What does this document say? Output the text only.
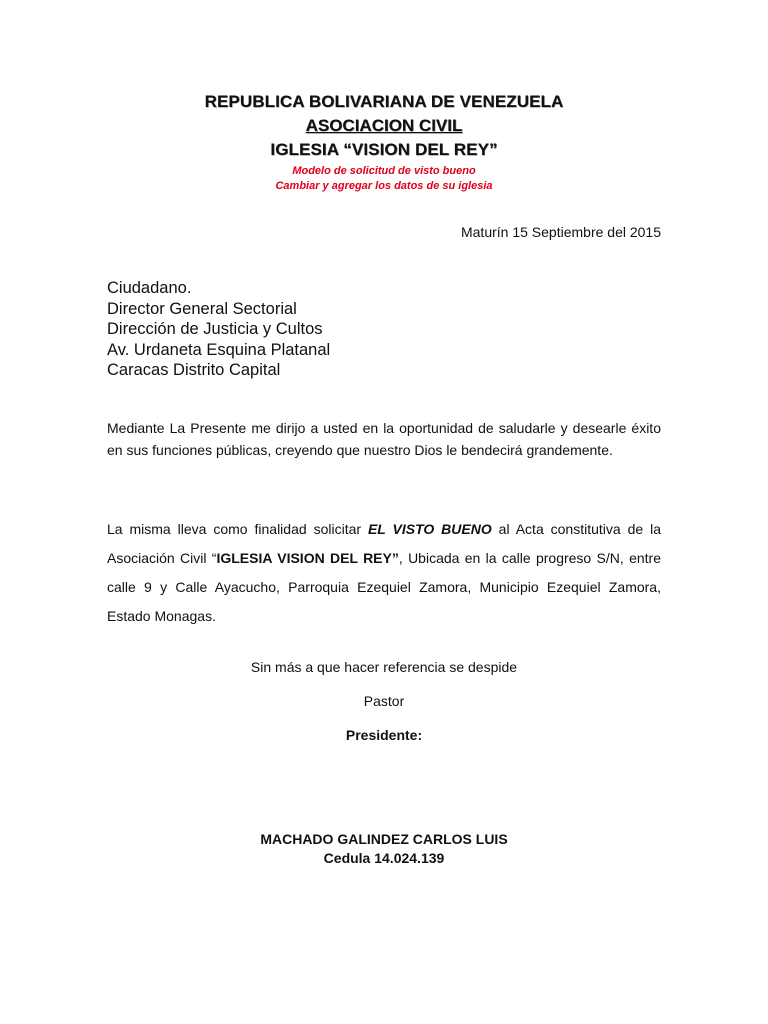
REPUBLICA BOLIVARIANA DE VENEZUELA
ASOCIACION CIVIL
IGLESIA “VISION DEL REY”
Modelo de solicitud de visto bueno
Cambiar y agregar los datos de su iglesia
Maturín 15 Septiembre del 2015
Ciudadano.
Director General Sectorial
Dirección de Justicia y Cultos
Av. Urdaneta Esquina Platanal
Caracas Distrito Capital
Mediante La Presente me dirijo a usted en la oportunidad de saludarle y desearle éxito en sus funciones públicas, creyendo que nuestro Dios le bendecirá grandemente.
La misma lleva como finalidad solicitar EL VISTO BUENO al Acta constitutiva de la Asociación Civil “IGLESIA VISION DEL REY”, Ubicada en la calle progreso S/N, entre calle 9 y Calle Ayacucho, Parroquia Ezequiel Zamora, Municipio Ezequiel Zamora, Estado Monagas.
Sin más a que hacer referencia se despide
Pastor
Presidente:
MACHADO GALINDEZ CARLOS LUIS
Cedula 14.024.139
